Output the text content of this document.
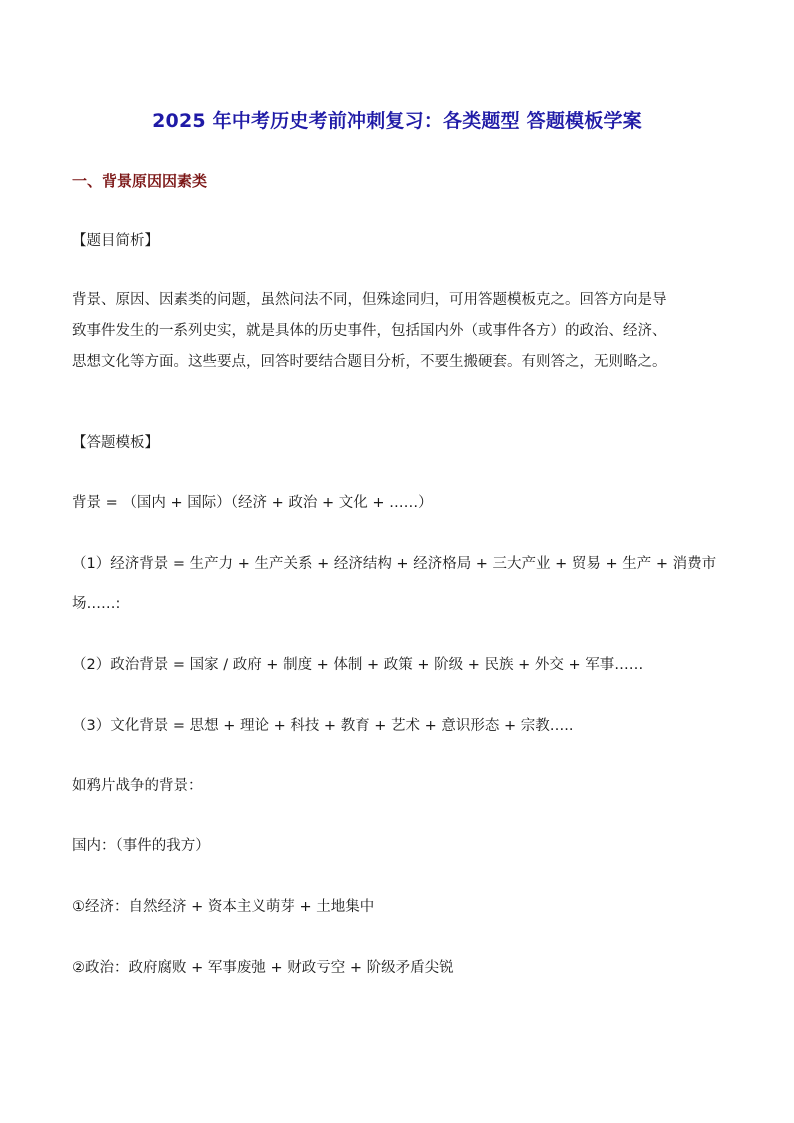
2025 年中考历史考前冲刺复习：各类题型 答题模板学案
一、背景原因因素类
【题目简析】
背景、原因、因素类的问题，虽然问法不同，但殊途同归，可用答题模板克之。回答方向是导
致事件发生的一系列史实，就是具体的历史事件，包括国内外（或事件各方）的政治、经济、
思想文化等方面。这些要点，回答时要结合题目分析，不要生搬硬套。有则答之，无则略之。
【答题模板】
背景 = （国内 + 国际）（经济 + 政治 + 文化 + ……）
（1）经济背景 = 生产力 + 生产关系 + 经济结构 + 经济格局 + 三大产业 + 贸易 + 生产 + 消费市
场……:
（2）政治背景 = 国家 / 政府 + 制度 + 体制 + 政策 + 阶级 + 民族 + 外交 + 军事……
（3）文化背景 = 思想 + 理论 + 科技 + 教育 + 艺术 + 意识形态 + 宗教…..
如鸦片战争的背景：
国内：（事件的我方）
①经济：自然经济 + 资本主义萌芽 + 土地集中
②政治：政府腐败 + 军事废弛 + 财政亏空 + 阶级矛盾尖锐
